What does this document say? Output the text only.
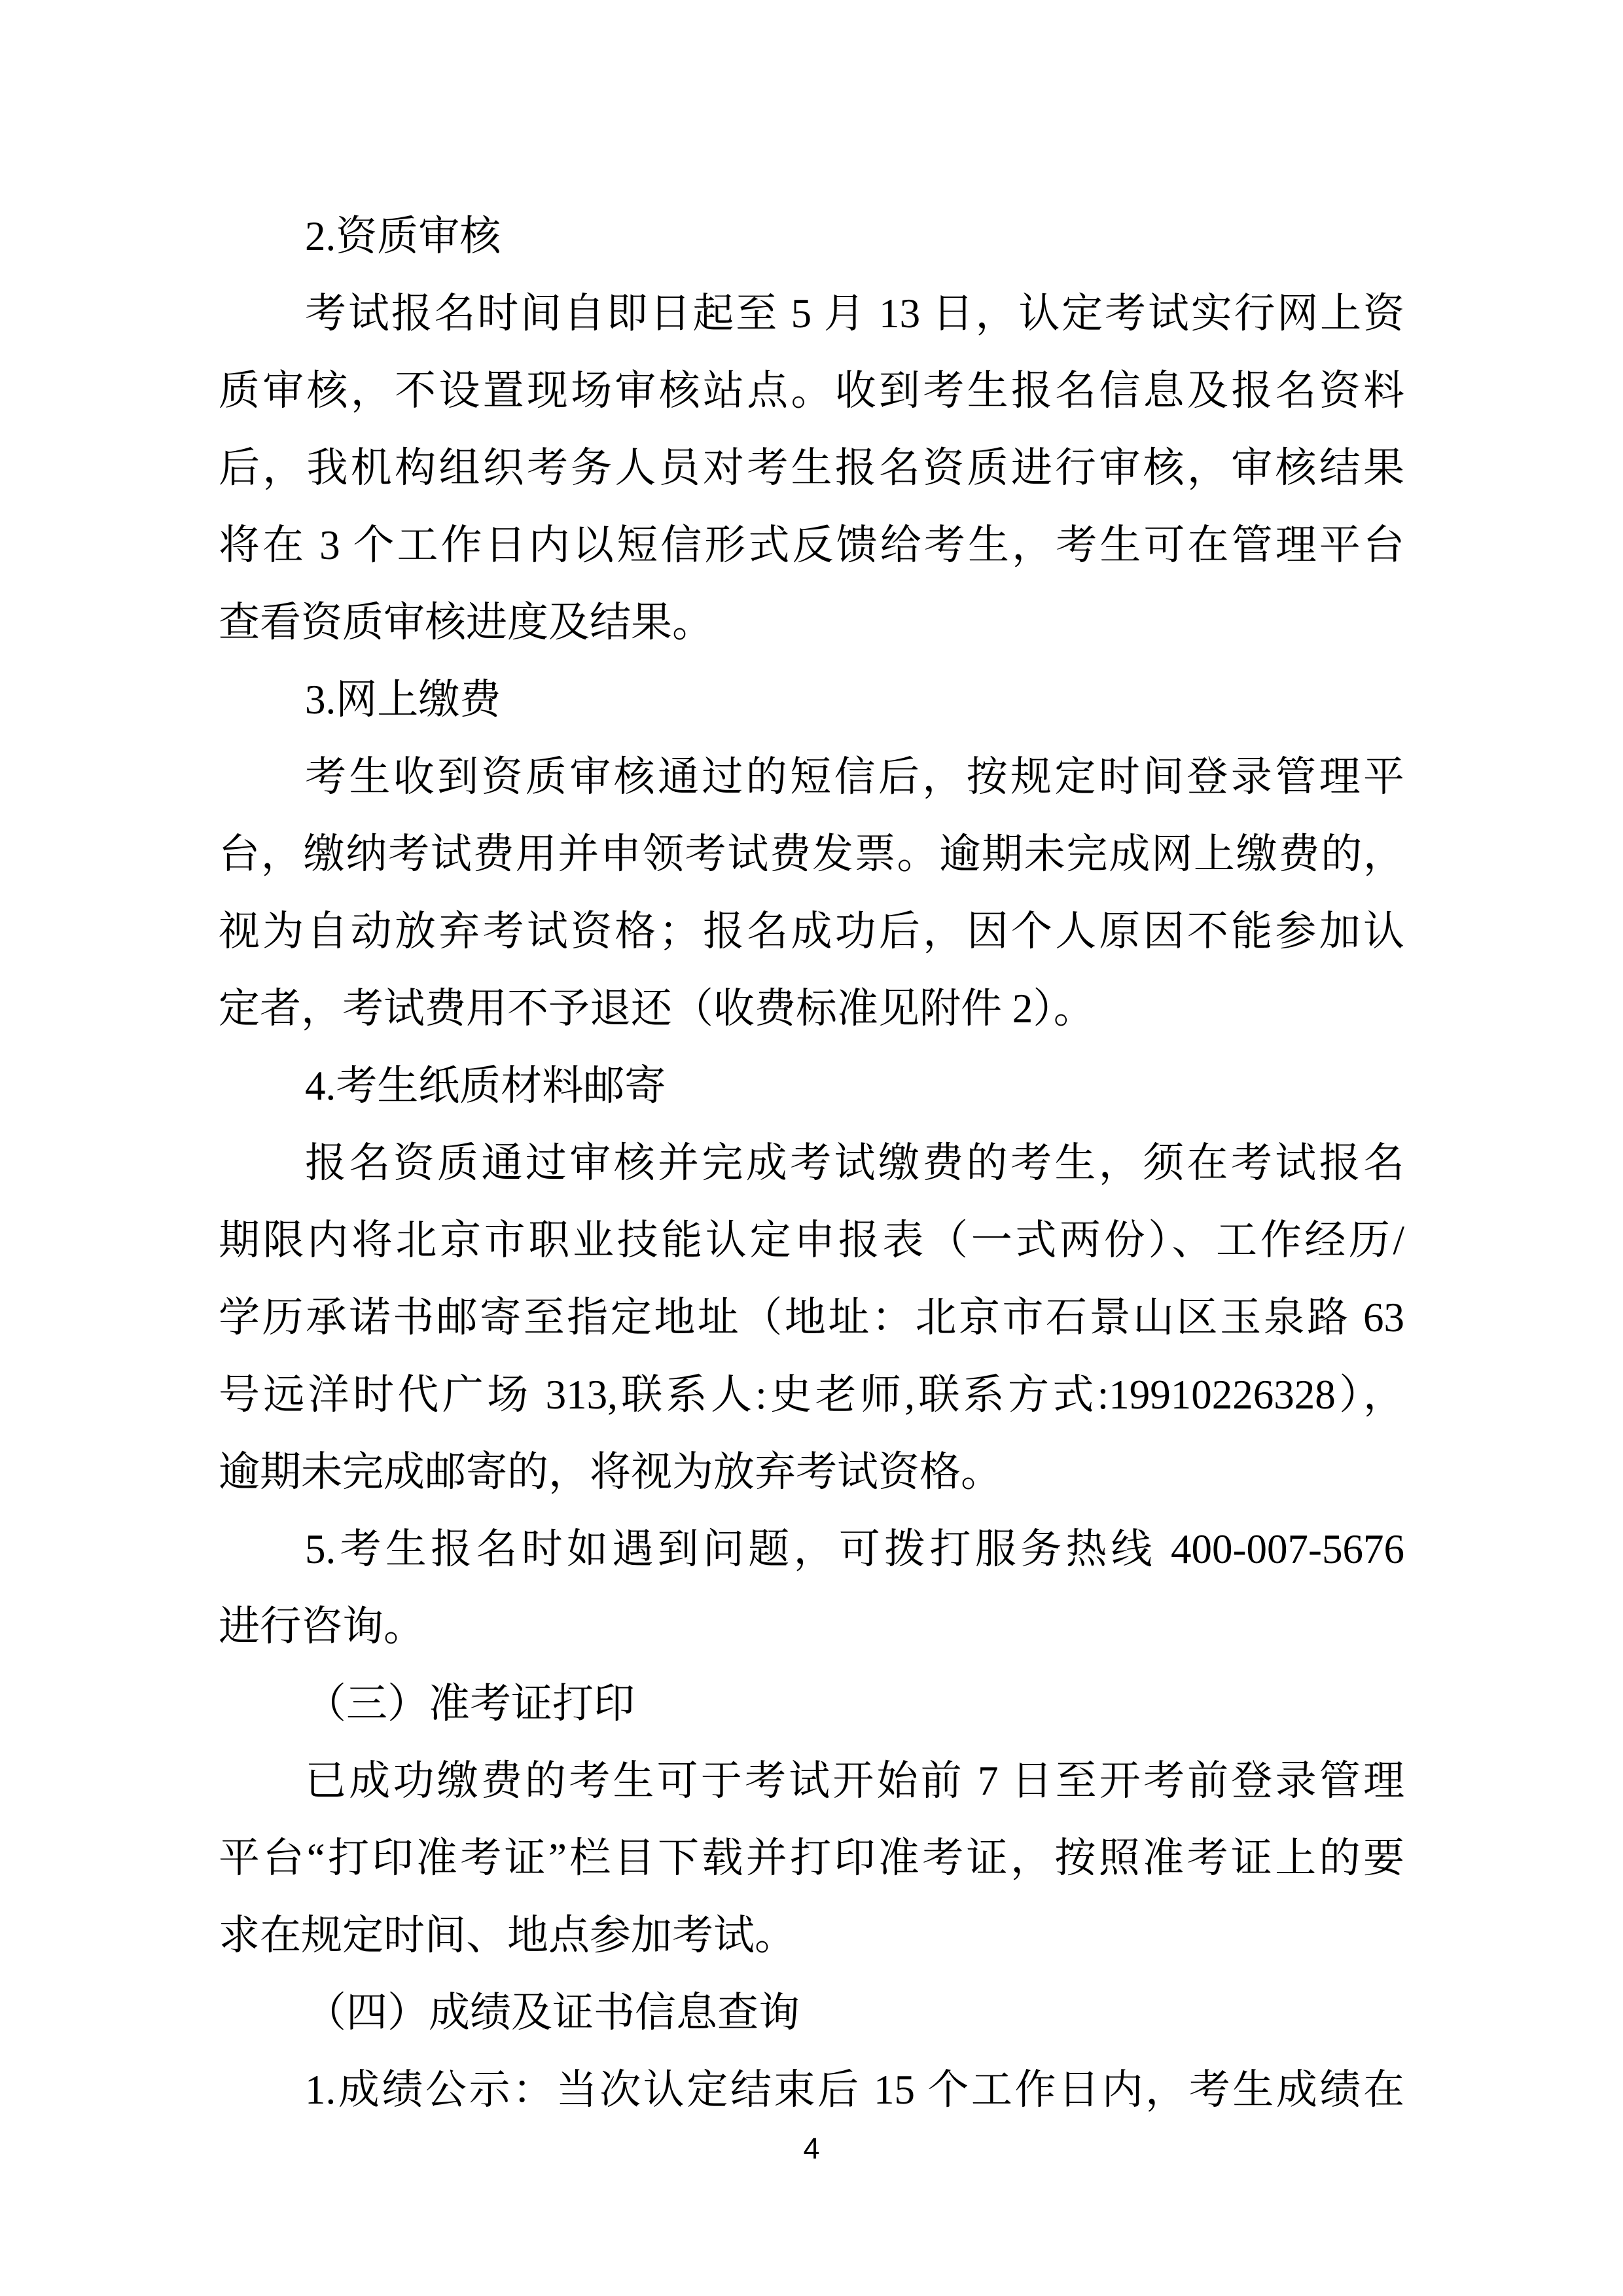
2.资质审核
考试报名时间自即日起至 5 月 13 日，认定考试实行网上资
质审核，不设置现场审核站点。收到考生报名信息及报名资料
后，我机构组织考务人员对考生报名资质进行审核，审核结果
将在 3 个工作日内以短信形式反馈给考生，考生可在管理平台
查看资质审核进度及结果。
3.网上缴费
考生收到资质审核通过的短信后，按规定时间登录管理平
台，缴纳考试费用并申领考试费发票。逾期未完成网上缴费的，
视为自动放弃考试资格；报名成功后，因个人原因不能参加认
定者，考试费用不予退还（收费标准见附件 2）。
4.考生纸质材料邮寄
报名资质通过审核并完成考试缴费的考生，须在考试报名
期限内将北京市职业技能认定申报表（一式两份）、工作经历/
学历承诺书邮寄至指定地址（地址：北京市石景山区玉泉路 63
号远洋时代广场 313,联系人:史老师,联系方式:19910226328），
逾期未完成邮寄的，将视为放弃考试资格。
5.考生报名时如遇到问题，可拨打服务热线 400-007-5676
进行咨询。
（三）准考证打印
已成功缴费的考生可于考试开始前 7 日至开考前登录管理
平台“打印准考证”栏目下载并打印准考证，按照准考证上的要
求在规定时间、地点参加考试。
（四）成绩及证书信息查询
1.成绩公示：当次认定结束后 15 个工作日内，考生成绩在
4
